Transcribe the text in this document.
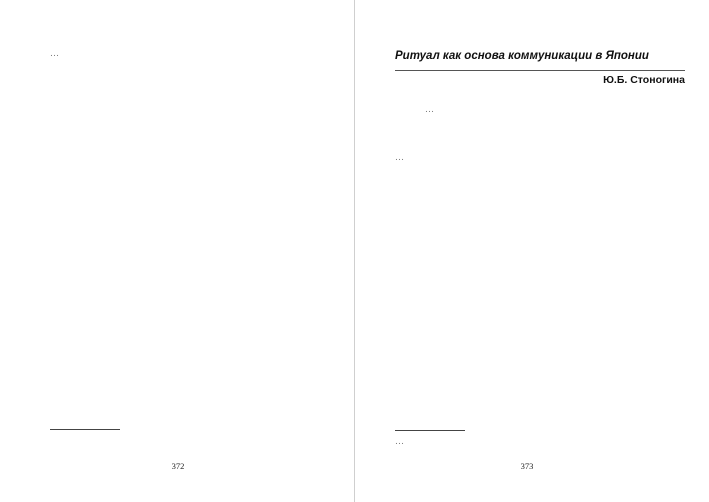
…
372
Ритуал как основа коммуникации в Японии
Ю.Б. Стоногина
…
…
…
373
